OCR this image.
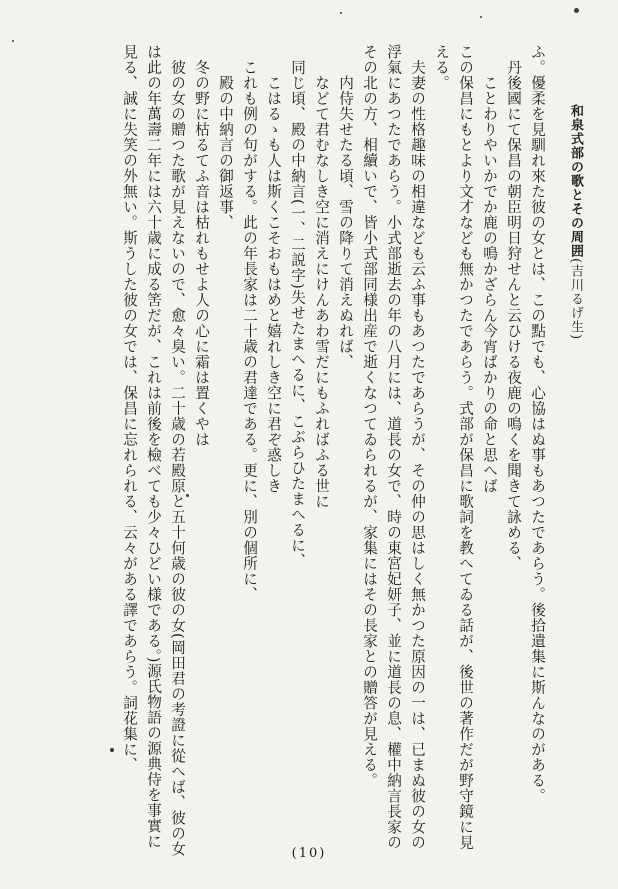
和泉式部の歌とその周囲(吉川るげ生)
ふ。優柔を見馴れ來た彼の女とは、この點でも、心協はぬ事もあつたであらう。後拾遺集に斯んなのがある。
　丹後國にて保昌の朝臣明日狩せんと云ひける夜鹿の鳴くを聞きて詠める、
　　ことわりやいかでか鹿の鳴かざらん今宵ばかりの命と思へば
この保昌にもとより文才なども無かつたであらう。式部が保昌に歌詞を教へてゐる話が、後世の著作だが野守鏡に見
える。
　夫妻の性格趣味の相違なども云ふ事もあつたであらうが、その仲の思はしく無かつた原因の一は、已まぬ彼の女の
浮氣にあつたであらう。小式部逝去の年の八月には、道長の女で、時の東宮妃妍子、並に道長の息、權中納言長家の
その北の方、相續いで、皆小式部同様出産で逝くなつてゐられるが、家集にはその長家との贈答が見える。
　　内侍失せたる頃、雪の降りて消えぬれば、
　　などて君むなしき空に消えにけんあわ雪だにもふればふる世に
　同じ頃、殿の中納言(一、二説字)失せたまへるに、こぶらひたまへるに、
　　こはるゝも人は斯くこそおもはめと嬉れしき空に君ぞ惑しき
　これも例の句がする。此の年長家は二十歳の君達である。更に、別の個所に、
　　殿の中納言の御返事、
　冬の野に枯るてふ音は枯れもせよ人の心に霜は置くやは
　彼の女の贈つた歌が見えないので、愈々臭い。二十歳の若殿原と五十何歳の彼の女(岡田君の考證に從へば、彼の女
は此の年萬壽二年には六十歳に成る筈だが、これは前後を檢べても少々ひどい様である。)源氏物語の源典侍を事實に
見る、誠に失笑の外無い。斯うした彼の女では、保昌に忘れられる、云々がある譯であらう。詞花集に、
(10)
